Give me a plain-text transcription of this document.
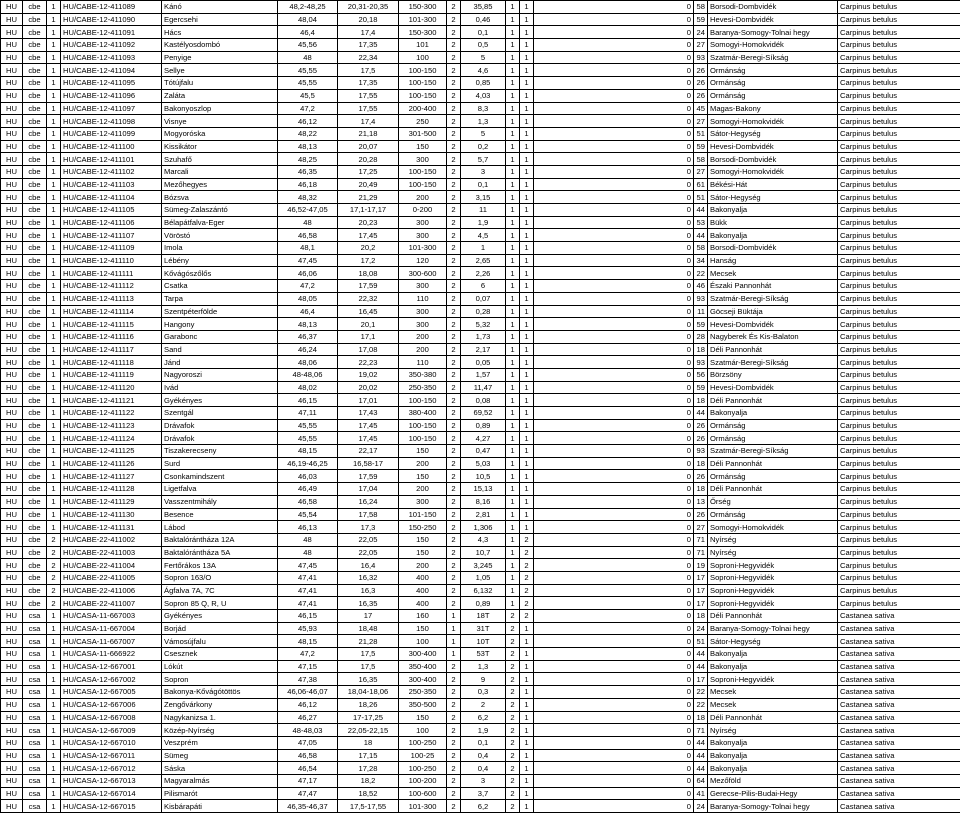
HU	cbe	1	HU/CABE-12-411089	Kánó	48,2-48,25	20,31-20,35	150-300	2	35,85	1	1	0	58	Borsodi-Dombvidék	Carpinus betulus
HU	cbe	1	HU/CABE-12-411090	Egercsehi	48,04	20,18	101-300	2	0,46	1	1	0	59	Hevesi-Dombvidék	Carpinus betulus
HU	cbe	1	HU/CABE-12-411091	Hács	46,4	17,4	150-300	2	0,1	1	1	0	24	Baranya-Somogy-Tolnai hegy	Carpinus betulus
HU	cbe	1	HU/CABE-12-411092	Kastélyosdombó	45,56	17,35	101	2	0,5	1	1	0	27	Somogyi-Homokvidék	Carpinus betulus
HU	cbe	1	HU/CABE-12-411093	Penyige	48	22,34	100	2	5	1	1	0	93	Szatmár-Beregi-Síkság	Carpinus betulus
HU	cbe	1	HU/CABE-12-411094	Sellye	45,55	17,5	100-150	2	4,6	1	1	0	26	Ormánság	Carpinus betulus
HU	cbe	1	HU/CABE-12-411095	Tótújfalu	45,55	17,35	100-150	2	0,85	1	1	0	26	Ormánság	Carpinus betulus
HU	cbe	1	HU/CABE-12-411096	Zaláta	45,5	17,55	100-150	2	4,03	1	1	0	26	Ormánság	Carpinus betulus
HU	cbe	1	HU/CABE-12-411097	Bakonyoszlop	47,2	17,55	200-400	2	8,3	1	1	0	45	Magas-Bakony	Carpinus betulus
HU	cbe	1	HU/CABE-12-411098	Visnye	46,12	17,4	250	2	1,3	1	1	0	27	Somogyi-Homokvidék	Carpinus betulus
HU	cbe	1	HU/CABE-12-411099	Mogyoróska	48,22	21,18	301-500	2	5	1	1	0	51	Sátor-Hegység	Carpinus betulus
HU	cbe	1	HU/CABE-12-411100	Kissikátor	48,13	20,07	150	2	0,2	1	1	0	59	Hevesi-Dombvidék	Carpinus betulus
HU	cbe	1	HU/CABE-12-411101	Szuhafő	48,25	20,28	300	2	5,7	1	1	0	58	Borsodi-Dombvidék	Carpinus betulus
HU	cbe	1	HU/CABE-12-411102	Marcali	46,35	17,25	100-150	2	3	1	1	0	27	Somogyi-Homokvidék	Carpinus betulus
HU	cbe	1	HU/CABE-12-411103	Mezőhegyes	46,18	20,49	100-150	2	0,1	1	1	0	61	Békési-Hát	Carpinus betulus
HU	cbe	1	HU/CABE-12-411104	Bózsva	48,32	21,29	200	2	3,15	1	1	0	51	Sátor-Hegység	Carpinus betulus
HU	cbe	1	HU/CABE-12-411105	Sümeg-Zalaszántó	46,52-47,05	17,1-17,17	0-200	2	11	1	1	0	44	Bakonyalja	Carpinus betulus
HU	cbe	1	HU/CABE-12-411106	Bélapátfalva-Eger	48	20,23	300	2	1,9	1	1	0	53	Bükk	Carpinus betulus
HU	cbe	1	HU/CABE-12-411107	Vöröstó	46,58	17,45	300	2	4,5	1	1	0	44	Bakonyalja	Carpinus betulus
HU	cbe	1	HU/CABE-12-411109	Imola	48,1	20,2	101-300	2	1	1	1	0	58	Borsodi-Dombvidék	Carpinus betulus
HU	cbe	1	HU/CABE-12-411110	Lébény	47,45	17,2	120	2	2,65	1	1	0	34	Hanság	Carpinus betulus
HU	cbe	1	HU/CABE-12-411111	Kővágószőlős	46,06	18,08	300-600	2	2,26	1	1	0	22	Mecsek	Carpinus betulus
HU	cbe	1	HU/CABE-12-411112	Csatka	47,2	17,59	300	2	6	1	1	0	46	Északi Pannonhát	Carpinus betulus
HU	cbe	1	HU/CABE-12-411113	Tarpa	48,05	22,32	110	2	0,07	1	1	0	93	Szatmár-Beregi-Síkság	Carpinus betulus
HU	cbe	1	HU/CABE-12-411114	Szentpéterfölde	46,4	16,45	300	2	0,28	1	1	0	11	Göcseji Büktája	Carpinus betulus
HU	cbe	1	HU/CABE-12-411115	Hangony	48,13	20,1	300	2	5,32	1	1	0	59	Hevesi-Dombvidék	Carpinus betulus
HU	cbe	1	HU/CABE-12-411116	Garabonc	46,37	17,1	200	2	1,73	1	1	0	28	Nagyberek És Kis-Balaton	Carpinus betulus
HU	cbe	1	HU/CABE-12-411117	Sand	46,24	17,08	200	2	2,17	1	1	0	18	Déli Pannonhát	Carpinus betulus
HU	cbe	1	HU/CABE-12-411118	Jánd	48,06	22,23	110	2	0,05	1	1	0	93	Szatmár-Beregi-Síkság	Carpinus betulus
HU	cbe	1	HU/CABE-12-411119	Nagyoroszi	48-48,06	19,02	350-380	2	1,57	1	1	0	56	Börzsöny	Carpinus betulus
HU	cbe	1	HU/CABE-12-411120	Ivád	48,02	20,02	250-350	2	11,47	1	1	0	59	Hevesi-Dombvidék	Carpinus betulus
HU	cbe	1	HU/CABE-12-411121	Gyékényes	46,15	17,01	100-150	2	0,08	1	1	0	18	Déli Pannonhát	Carpinus betulus
HU	cbe	1	HU/CABE-12-411122	Szentgál	47,11	17,43	380-400	2	69,52	1	1	0	44	Bakonyalja	Carpinus betulus
HU	cbe	1	HU/CABE-12-411123	Drávafok	45,55	17,45	100-150	2	0,89	1	1	0	26	Ormánság	Carpinus betulus
HU	cbe	1	HU/CABE-12-411124	Drávafok	45,55	17,45	100-150	2	4,27	1	1	0	26	Ormánság	Carpinus betulus
HU	cbe	1	HU/CABE-12-411125	Tiszakerecseny	48,15	22,17	150	2	0,47	1	1	0	93	Szatmár-Beregi-Síkság	Carpinus betulus
HU	cbe	1	HU/CABE-12-411126	Surd	46,19-46,25	16,58-17	200	2	5,03	1	1	0	18	Déli Pannonhát	Carpinus betulus
HU	cbe	1	HU/CABE-12-411127	Csonkamindszent	46,03	17,59	150	2	10,5	1	1	0	26	Ormánság	Carpinus betulus
HU	cbe	1	HU/CABE-12-411128	Ligetfalva	46,49	17,04	200	2	15,13	1	1	0	18	Déli Pannonhát	Carpinus betulus
HU	cbe	1	HU/CABE-12-411129	Vasszentmihály	46,58	16,24	300	2	8,16	1	1	0	13	Őrség	Carpinus betulus
HU	cbe	1	HU/CABE-12-411130	Besence	45,54	17,58	101-150	2	2,81	1	1	0	26	Ormánság	Carpinus betulus
HU	cbe	1	HU/CABE-12-411131	Lábod	46,13	17,3	150-250	2	1,306	1	1	0	27	Somogyi-Homokvidék	Carpinus betulus
HU	cbe	2	HU/CABE-22-411002	Baktalórántháza 12A	48	22,05	150	2	4,3	1	2	0	71	Nyírség	Carpinus betulus
HU	cbe	2	HU/CABE-22-411003	Baktalórántháza 5A	48	22,05	150	2	10,7	1	2	0	71	Nyírség	Carpinus betulus
HU	cbe	2	HU/CABE-22-411004	Fertőrákos 13A	47,45	16,4	200	2	3,245	1	2	0	19	Soproni-Hegyvidék	Carpinus betulus
HU	cbe	2	HU/CABE-22-411005	Sopron 163/O	47,41	16,32	400	2	1,05	1	2	0	17	Soproni-Hegyvidék	Carpinus betulus
HU	cbe	2	HU/CABE-22-411006	Ágfalva 7A, 7C	47,41	16,3	400	2	6,132	1	2	0	17	Soproni-Hegyvidék	Carpinus betulus
HU	cbe	2	HU/CABE-22-411007	Sopron 85 Q, R, U	47,41	16,35	400	2	0,89	1	2	0	17	Soproni-Hegyvidék	Carpinus betulus
HU	csa	1	HU/CASA-11-667003	Gyékényes	46,15	17	160	1	18T	2	2	0	18	Déli Pannonhát	Castanea sativa
HU	csa	1	HU/CASA-11-667004	Borjád	45,93	18,48	150	1	31T	2	1	0	24	Baranya-Somogy-Tolnai hegy	Castanea sativa
HU	csa	1	HU/CASA-11-667007	Vámosújfalu	48,15	21,28	100	1	10T	2	1	0	51	Sátor-Hegység	Castanea sativa
HU	csa	1	HU/CASA-11-666922	Csesznek	47,2	17,5	300-400	1	53T	2	1	0	44	Bakonyalja	Castanea sativa
HU	csa	1	HU/CASA-12-667001	Lókút	47,15	17,5	350-400	2	1,3	2	1	0	44	Bakonyalja	Castanea sativa
HU	csa	1	HU/CASA-12-667002	Sopron	47,38	16,35	300-400	2	9	2	1	0	17	Soproni-Hegyvidék	Castanea sativa
HU	csa	1	HU/CASA-12-667005	Bakonya-Kővágótöttös	46,06-46,07	18,04-18,06	250-350	2	0,3	2	1	0	22	Mecsek	Castanea sativa
HU	csa	1	HU/CASA-12-667006	Zengővárkony	46,12	18,26	350-500	2	2	2	1	0	22	Mecsek	Castanea sativa
HU	csa	1	HU/CASA-12-667008	Nagykanizsa 1.	46,27	17-17,25	150	2	6,2	2	1	0	18	Déli Pannonhát	Castanea sativa
HU	csa	1	HU/CASA-12-667009	Közép-Nyírség	48-48,03	22,05-22,15	100	2	1,9	2	1	0	71	Nyírség	Castanea sativa
HU	csa	1	HU/CASA-12-667010	Veszprém	47,05	18	100-250	2	0,1	2	1	0	44	Bakonyalja	Castanea sativa
HU	csa	1	HU/CASA-12-667011	Sümeg	46,58	17,15	100-25	2	0,4	2	1	0	44	Bakonyalja	Castanea sativa
HU	csa	1	HU/CASA-12-667012	Sáska	46,54	17,28	100-250	2	0,4	2	1	0	44	Bakonyalja	Castanea sativa
HU	csa	1	HU/CASA-12-667013	Magyaralmás	47,17	18,2	100-200	2	3	2	1	0	64	Mezőföld	Castanea sativa
HU	csa	1	HU/CASA-12-667014	Pilismarót	47,47	18,52	100-600	2	3,7	2	1	0	41	Gerecse-Pilis-Budai-Hegy	Castanea sativa
HU	csa	1	HU/CASA-12-667015	Kisbárapáti	46,35-46,37	17,5-17,55	101-300	2	6,2	2	1	0	24	Baranya-Somogy-Tolnai hegy	Castanea sativa
